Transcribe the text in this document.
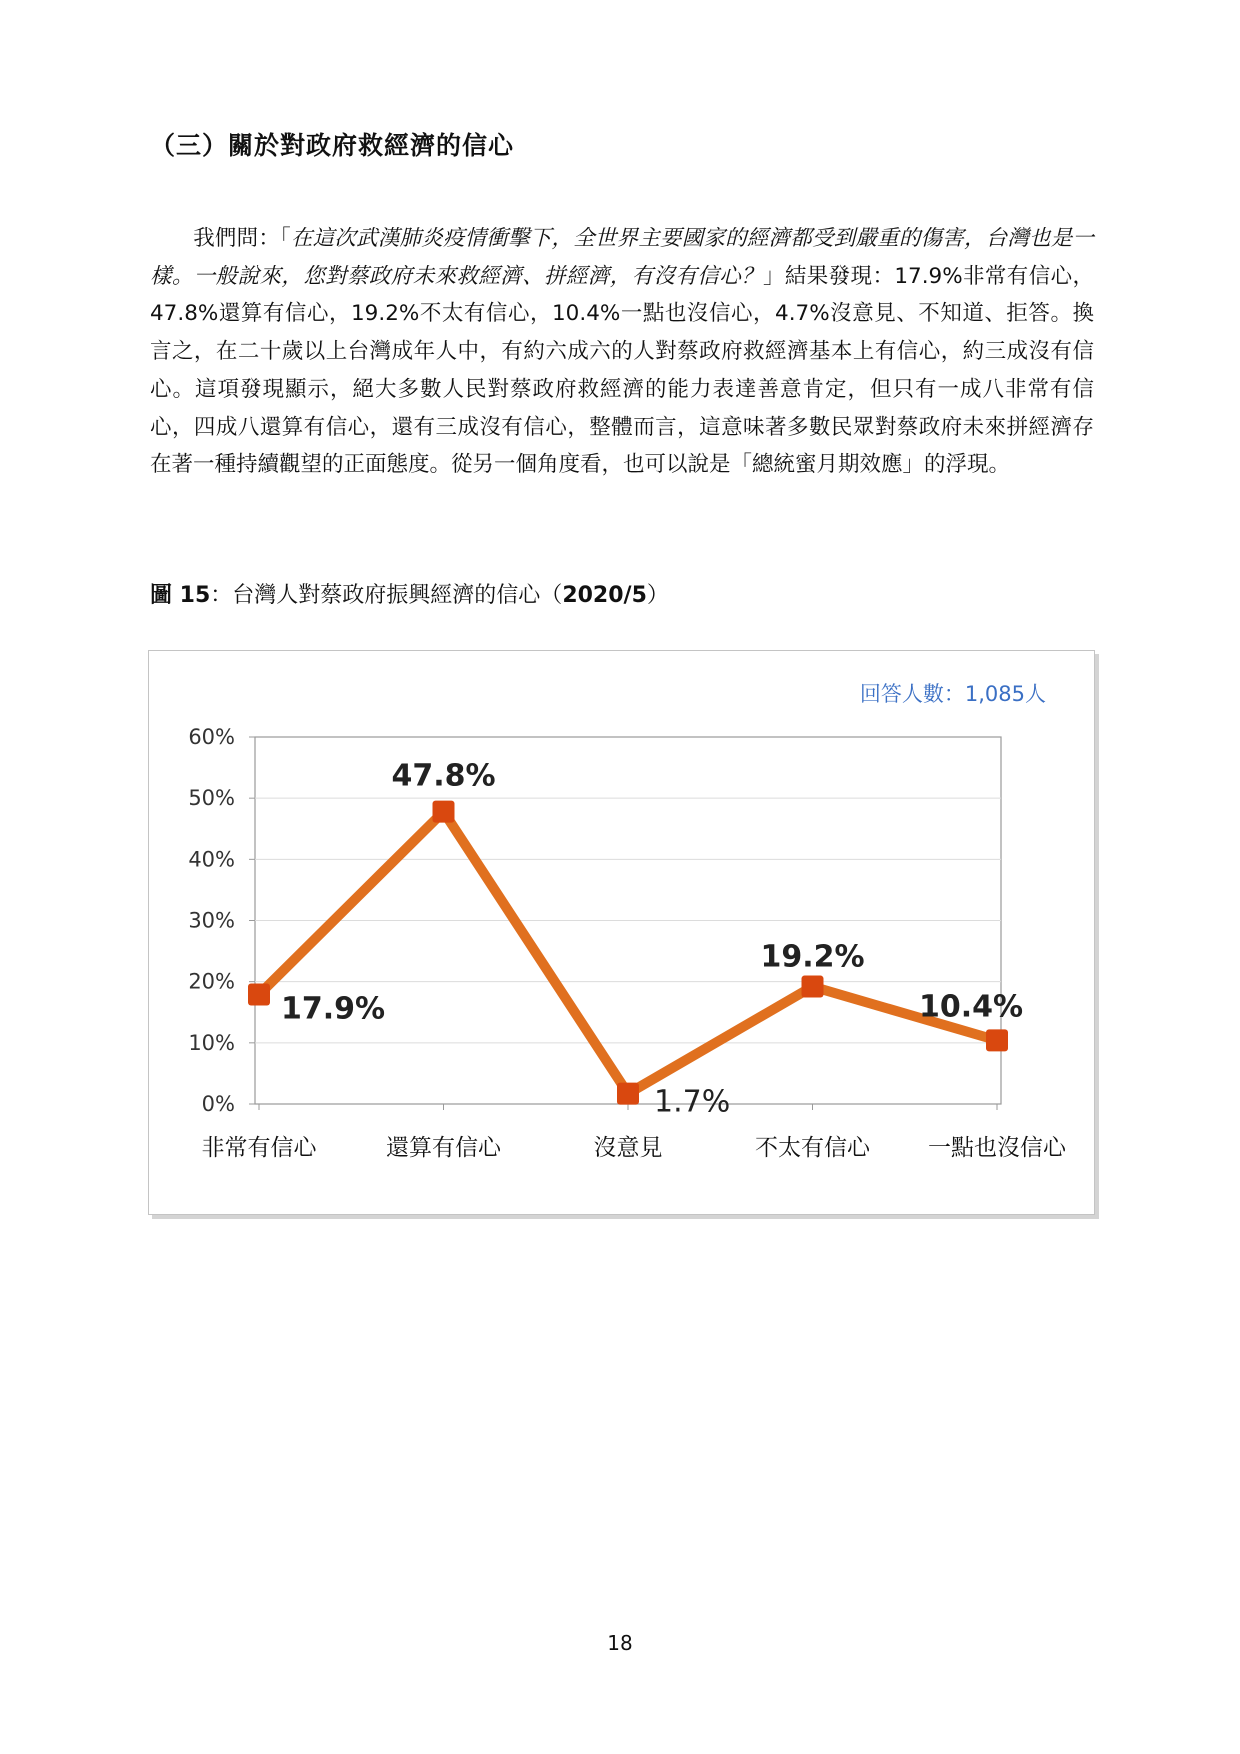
（三）關於對政府救經濟的信心
  我們問：「在這次武漢肺炎疫情衝擊下，全世界主要國家的經濟都受到嚴重的傷害，台灣也是一樣。一般說來，您對蔡政府未來救經濟、拼經濟，有沒有信心？」結果發現：17.9%非常有信心，47.8%還算有信心，19.2%不太有信心，10.4%一點也沒信心，4.7%沒意見、不知道、拒答。換言之，在二十歲以上台灣成年人中，有約六成六的人對蔡政府救經濟基本上有信心，約三成沒有信心。這項發現顯示，絕大多數人民對蔡政府救經濟的能力表達善意肯定，但只有一成八非常有信心，四成八還算有信心，還有三成沒有信心，整體而言，這意味著多數民眾對蔡政府未來拼經濟存在著一種持續觀望的正面態度。從另一個角度看，也可以說是「總統蜜月期效應」的浮現。
圖 15：台灣人對蔡政府振興經濟的信心（2020/5）
0%
10%
20%
30%
40%
50%
60%
非常有信心	還算有信心	沒意見	不太有信心	一點也沒信心
17.9%
47.8%
1.7%
19.2%
10.4%
回答人數：1,085人
18
